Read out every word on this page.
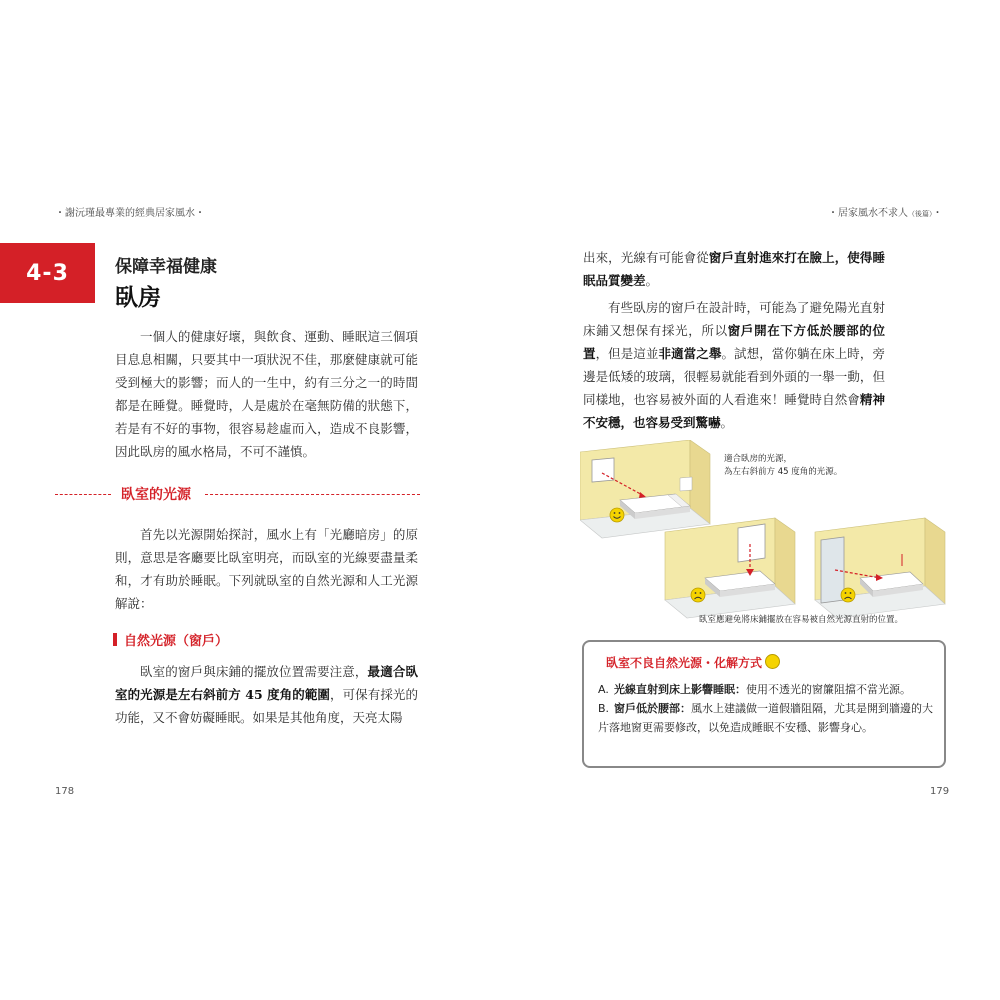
・謝沅瑾最專業的經典居家風水・	・居家風水不求人（後篇）・
4-3	保障幸福健康
臥房

一個人的健康好壞，與飲食、運動、睡眠這三個項目息息相關，只要其中一項狀況不佳，那麼健康就可能受到極大的影響；而人的一生中，約有三分之一的時間都是在睡覺。睡覺時，人是處於在毫無防備的狀態下，若是有不好的事物，很容易趁虛而入，造成不良影響，因此臥房的風水格局，不可不謹慎。

臥室的光源

首先以光源開始探討，風水上有「光廳暗房」的原則，意思是客廳要比臥室明亮，而臥室的光線要盡量柔和，才有助於睡眠。下列就臥室的自然光源和人工光源解說：

自然光源（窗戶）

臥室的窗戶與床鋪的擺放位置需要注意，最適合臥室的光源是左右斜前方 45 度角的範圍，可保有採光的功能，又不會妨礙睡眠。如果是其他角度，天亮太陽

178	179

出來，光線有可能會從窗戶直射進來打在臉上，使得睡眠品質變差。

有些臥房的窗戶在設計時，可能為了避免陽光直射床鋪又想保有採光，所以窗戶開在下方低於腰部的位置，但是這並非適當之舉。試想，當你躺在床上時，旁邊是低矮的玻璃，很輕易就能看到外頭的一舉一動，但同樣地，也容易被外面的人看進來！睡覺時自然會精神不安穩，也容易受到驚嚇。

適合臥房的光源，
為左右斜前方 45 度角的光源。
臥室應避免將床鋪擺放在容易被自然光源直射的位置。
臥室不良自然光源・化解方式
A. 光線直射到床上影響睡眠：使用不透光的窗簾阻擋不當光源。
B. 窗戶低於腰部：風水上建議做一道假牆阻隔，尤其是開到牆邊的大片落地窗更需要修改，以免造成睡眠不安穩、影響身心。
